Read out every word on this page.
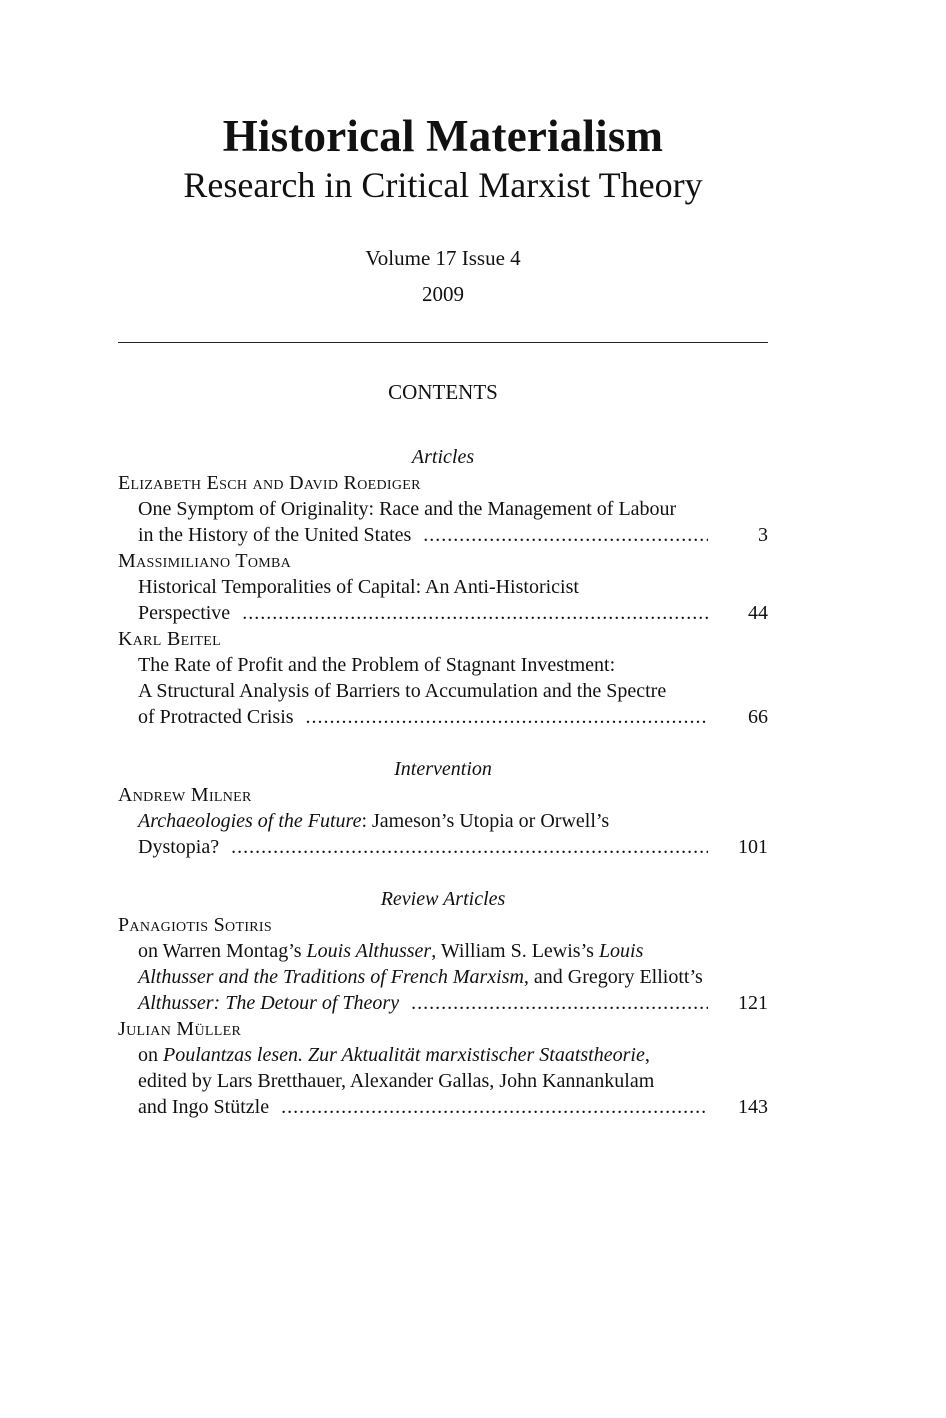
Historical Materialism
Research in Critical Marxist Theory
Volume 17 Issue 4
2009
CONTENTS
Articles
Elizabeth Esch and David Roediger
One Symptom of Originality: Race and the Management of Labour
in the History of the United States .....	3
Massimiliano Tomba
Historical Temporalities of Capital: An Anti-Historicist
Perspective .....	44
Karl Beitel
The Rate of Profit and the Problem of Stagnant Investment:
A Structural Analysis of Barriers to Accumulation and the Spectre
of Protracted Crisis .....	66
Intervention
Andrew Milner
Archaeologies of the Future: Jameson’s Utopia or Orwell’s
Dystopia? .....	101
Review Articles
Panagiotis Sotiris
on Warren Montag’s Louis Althusser, William S. Lewis’s Louis
Althusser and the Traditions of French Marxism, and Gregory Elliott’s
Althusser: The Detour of Theory .....	121
Julian Müller
on Poulantzas lesen. Zur Aktualität marxistischer Staatstheorie,
edited by Lars Bretthauer, Alexander Gallas, John Kannankulam
and Ingo Stützle .....	143
